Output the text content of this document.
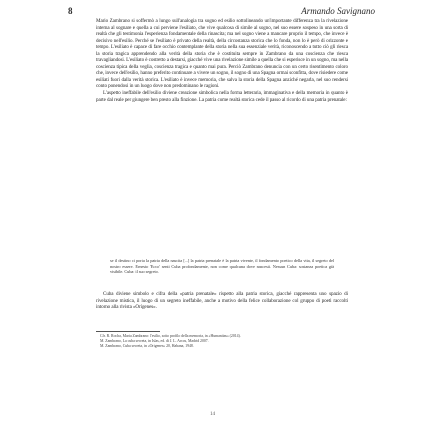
8	Armando Savignano

Mario Zambrano si soffermò a lungo sull'analogia tra sogno ed esilio sottolineando un'importante differenza tra la rivelazione interna al sognare e quella a cui perviene l'esiliato, che vive qualcosa di simile al sogno, nel suo essere sospeso in una sorta di realtà che gli testimonia l'esperienza fondamentale della rinascita; ma nel sogno viene a mancare proprio il tempo, che invece è decisivo nell'esilio. Perché se l'esiliato è privato della realtà, della circostanza storica che lo fonda, non lo è però di orizzonte e tempo. L'esiliato è capace di fare occhio contemplante della storia nella sua essenziale verità, riconoscendo a tutto ciò gli riesca la storia tragica apprendendo alla verità della storia che è costituita sempre in Zambrano da una coscienza che riesca travagliandosi. L'esiliato è costretto a destarsi, giacché vive una rivelazione simile a quella che si esperisce in un sogno, ma nella coscienza tipica della veglia, coscienza tragica e quanto mai pura. Perciò Zambrano denuncia con un certo risentimento coloro che, invece dell'esilio, hanno preferito continuare a vivere un sogno, il sogno di una Spagna ormai sconfitta, dove risiedere come esiliati fuori dalla verità storica. L'esiliato è invece memoria, che salva la storia della Spagna anziché negarla, nel suo rendersi conto ponendosi in un luogo dove non predominano le ragioni.

L'aspetto ineffabile dell'esilio diviene creazione simbolica nella forma letteraria, immaginativa e della memoria in quanto è parte dal reale per giungere ben presto alla finzione. La patria come realtà storica cede il passo al ricordo di una patria prenatale:

se il destino ci porta la patria della nascita [...] la patria prenatale è la patria vivente, il fondamento poetico della vita, il segreto del nostro essere. Ernesto 'Ecco' senti Cuba profondamente, non come qualcuna dove nascesti. Nessun Cuba: sostanza poetica già visibile. Cuba: il suo segreto.

Cuba diviene simbolo e cifra della «patria prenatale» rispetto alla patria storica, giacché rappresenta uno spazio di rivelazione mistica, il luogo di un segreto ineffabile, anche a motivo della felice collaborazione col gruppo di poeti raccolti intorno alla rivista «Orígenes».

Cfr. R. Rocha, Maria Zambrano: l'esilio, sotto profilo della memoria, in «Humanitas» (2014).

M. Zambrano, La cuba secreta, in Islas, ed. di J. L. Arcos, Madrid 2007.

M. Zambrano, Cuba secreta, in «Origenes» 20, Habana, 1948.

14
